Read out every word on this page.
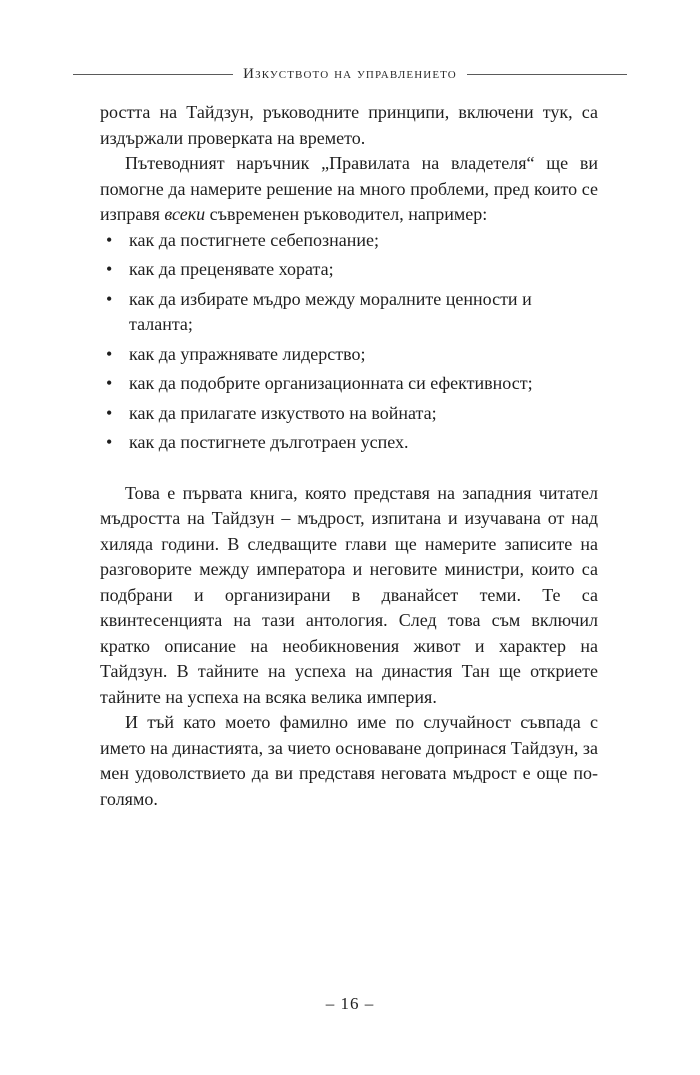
Изкуството на управлението

ростта на Тайдзун, ръководните принципи, включени тук, са издържали проверката на времето.

Пътеводният наръчник „Правилата на владетеля“ ще ви помогне да намерите решение на много проблеми, пред които се изправя всеки съвременен ръководител, например:

• как да постигнете себепознание;
• как да преценявате хората;
• как да избирате мъдро между моралните ценности и таланта;
• как да упражнявате лидерство;
• как да подобрите организационната си ефективност;
• как да прилагате изкуството на войната;
• как да постигнете дълготраен успех.

Това е първата книга, която представя на западния читател мъдростта на Тайдзун – мъдрост, изпитана и изучавана от над хиляда години. В следващите глави ще намерите записите на разговорите между императора и неговите министри, които са подбрани и организирани в дванайсет теми. Те са квинтесенцията на тази антология. След това съм включил кратко описание на необикновения живот и характер на Тайдзун. В тайните на успеха на династия Тан ще откриете тайните на успеха на всяка велика империя.

И тъй като моето фамилно име по случайност съвпада с името на династията, за чието основаване допринася Тайдзун, за мен удоволствието да ви представя неговата мъдрост е още по-голямо.

– 16 –
